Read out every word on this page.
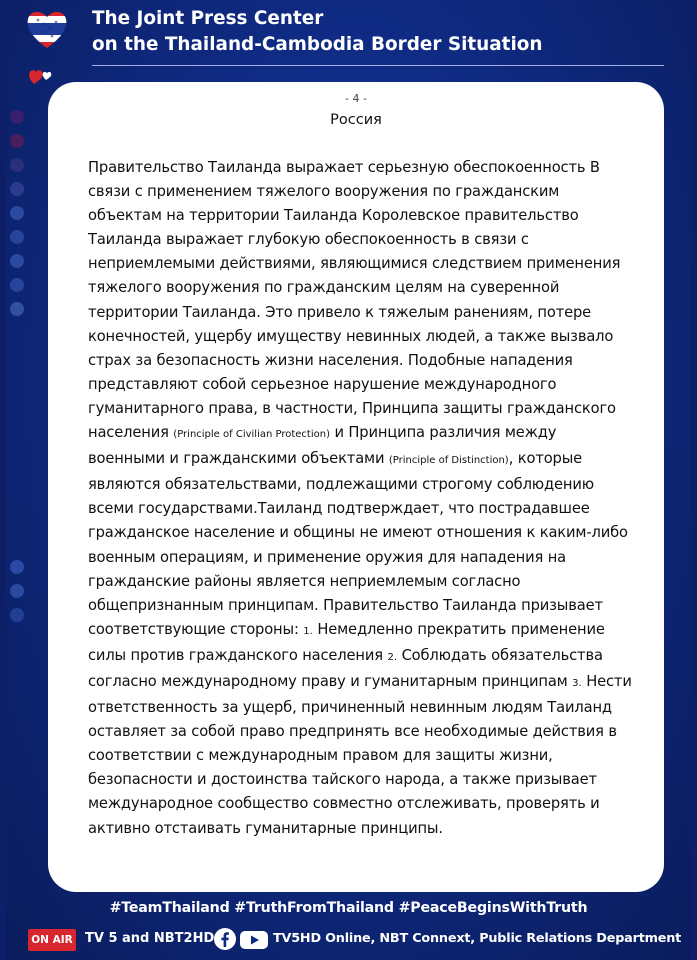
The Joint Press Center
on the Thailand-Cambodia Border Situation
- 4 -
Россия
Правительство Таиланда выражает серьезную обеспокоенность В связи с применением тяжелого вооружения по гражданским объектам на территории Таиланда Королевское правительство Таиланда выражает глубокую обеспокоенность в связи с неприемлемыми действиями, являющимися следствием применения тяжелого вооружения по гражданским целям на суверенной территории Таиланда. Это привело к тяжелым ранениям, потере конечностей, ущербу имуществу невинных людей, а также вызвало страх за безопасность жизни населения. Подобные нападения представляют собой серьезное нарушение международного гуманитарного права, в частности, Принципа защиты гражданского населения (Principle of Civilian Protection) и Принципа различия между военными и гражданскими объектами (Principle of Distinction), которые являются обязательствами, подлежащими строгому соблюдению всеми государствами.Таиланд подтверждает, что пострадавшее гражданское население и общины не имеют отношения к каким-либо военным операциям, и применение оружия для нападения на гражданские районы является неприемлемым согласно общепризнанным принципам. Правительство Таиланда призывает соответствующие стороны: 1. Немедленно прекратить применение силы против гражданского населения 2. Соблюдать обязательства согласно международному праву и гуманитарным принципам 3. Нести ответственность за ущерб, причиненный невинным людям Таиланд оставляет за собой право предпринять все необходимые действия в соответствии с международным правом для защиты жизни, безопасности и достоинства тайского народа, а также призывает международное сообщество совместно отслеживать, проверять и активно отстаивать гуманитарные принципы.
#TeamThailand #TruthFromThailand #PeaceBeginsWithTruth
ON AIR TV 5 and NBT2HD	TV5HD Online, NBT Connext, Public Relations Department
